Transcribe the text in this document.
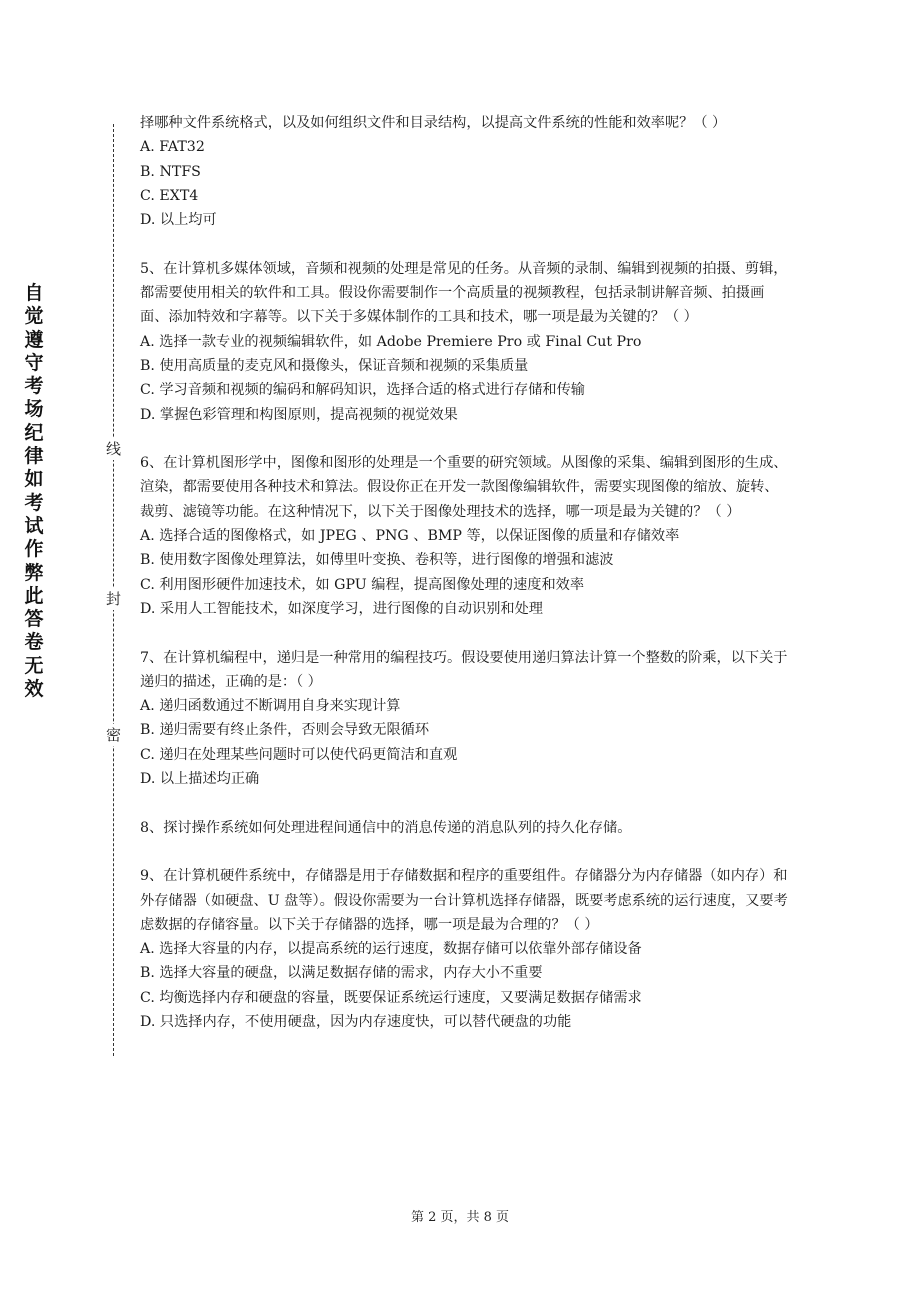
自
觉
遵
守
考
场
纪
律
如
考
试
作
弊
此
答
卷
无
效
线
封
密

择哪种文件系统格式，以及如何组织文件和目录结构，以提高文件系统的性能和效率呢？（ ）

A. FAT32

B. NTFS

C. EXT4

D. 以上均可

5、在计算机多媒体领域，音频和视频的处理是常见的任务。从音频的录制、编辑到视频的拍摄、剪辑，都需要使用相关的软件和工具。假设你需要制作一个高质量的视频教程，包括录制讲解音频、拍摄画面、添加特效和字幕等。以下关于多媒体制作的工具和技术，哪一项是最为关键的？（ ）

A. 选择一款专业的视频编辑软件，如 Adobe Premiere Pro 或 Final Cut Pro

B. 使用高质量的麦克风和摄像头，保证音频和视频的采集质量

C. 学习音频和视频的编码和解码知识，选择合适的格式进行存储和传输

D. 掌握色彩管理和构图原则，提高视频的视觉效果

6、在计算机图形学中，图像和图形的处理是一个重要的研究领域。从图像的采集、编辑到图形的生成、渲染，都需要使用各种技术和算法。假设你正在开发一款图像编辑软件，需要实现图像的缩放、旋转、裁剪、滤镜等功能。在这种情况下，以下关于图像处理技术的选择，哪一项是最为关键的？（ ）

A. 选择合适的图像格式，如 JPEG 、PNG 、BMP 等，以保证图像的质量和存储效率

B. 使用数字图像处理算法，如傅里叶变换、卷积等，进行图像的增强和滤波

C. 利用图形硬件加速技术，如 GPU 编程，提高图像处理的速度和效率

D. 采用人工智能技术，如深度学习，进行图像的自动识别和处理

7、在计算机编程中，递归是一种常用的编程技巧。假设要使用递归算法计算一个整数的阶乘，以下关于递归的描述，正确的是：（ ）

A. 递归函数通过不断调用自身来实现计算

B. 递归需要有终止条件，否则会导致无限循环

C. 递归在处理某些问题时可以使代码更简洁和直观

D. 以上描述均正确

8、探讨操作系统如何处理进程间通信中的消息传递的消息队列的持久化存储。

9、在计算机硬件系统中，存储器是用于存储数据和程序的重要组件。存储器分为内存储器（如内存）和外存储器（如硬盘、U 盘等）。假设你需要为一台计算机选择存储器，既要考虑系统的运行速度，又要考虑数据的存储容量。以下关于存储器的选择，哪一项是最为合理的？（ ）

A. 选择大容量的内存，以提高系统的运行速度，数据存储可以依靠外部存储设备

B. 选择大容量的硬盘，以满足数据存储的需求，内存大小不重要

C. 均衡选择内存和硬盘的容量，既要保证系统运行速度，又要满足数据存储需求

D. 只选择内存，不使用硬盘，因为内存速度快，可以替代硬盘的功能

第 2 页，共 8 页
